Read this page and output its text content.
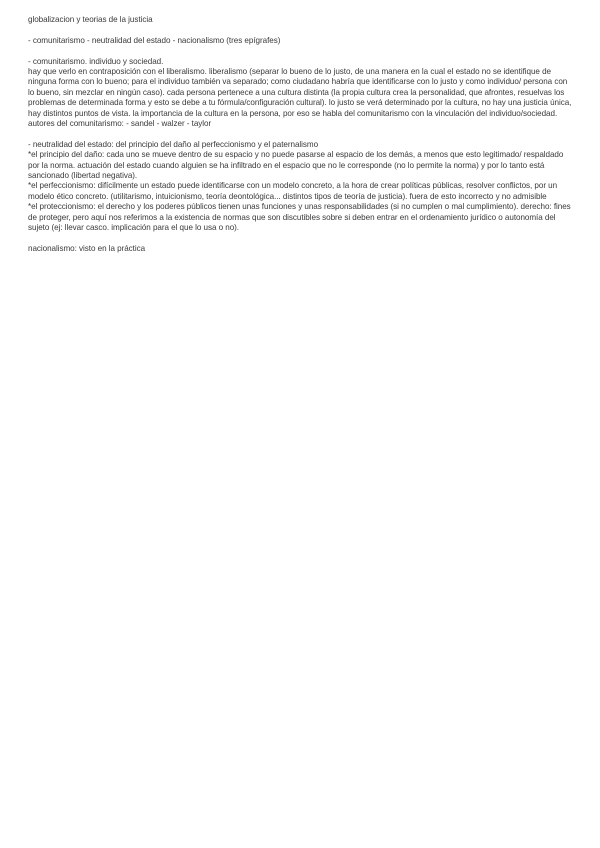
globalizacion y teorias de la justicia
- comunitarismo - neutralidad del estado - nacionalismo (tres epígrafes)
- comunitarismo. individuo y sociedad.
hay que verlo en contraposición con el liberalismo. liberalismo (separar lo bueno de lo justo, de una manera en la cual el estado no se identifique de ninguna forma con lo bueno; para el individuo también va separado; como ciudadano habría que identificarse con lo justo y como individuo/ persona con lo bueno, sin mezclar en ningún caso). cada persona pertenece a una cultura distinta (la propia cultura crea la personalidad, que afrontes, resuelvas los problemas de determinada forma y esto se debe a tu fórmula/configuración cultural). lo justo se verá determinado por la cultura, no hay una justicia única, hay distintos puntos de vista. la importancia de la cultura en la persona, por eso se habla del comunitarismo con la vinculación del individuo/sociedad.
autores del comunitarismo: - sandel - walzer - taylor
- neutralidad del estado: del principio del daño al perfeccionismo y el paternalismo
*el principio del daño: cada uno se mueve dentro de su espacio y no puede pasarse al espacio de los demás, a menos que esto legitimado/ respaldado por la norma. actuación del estado cuando alguien se ha infiltrado en el espacio que no le corresponde (no lo permite la norma) y por lo tanto está sancionado (libertad negativa).
*el perfeccionismo: difícilmente un estado puede identificarse con un modelo concreto, a la hora de crear políticas públicas, resolver conflictos, por un modelo ético concreto. (utilitarismo, intuicionismo, teoría deontológica... distintos tipos de teoría de justicia). fuera de esto incorrecto y no admisible
*el proteccionismo: el derecho y los poderes públicos tienen unas funciones y unas responsabilidades (si no cumplen o mal cumplimiento). derecho: fines de proteger, pero aquí nos referimos a la existencia de normas que son discutibles sobre si deben entrar en el ordenamiento jurídico o autonomía del sujeto (ej: llevar casco. implicación para el que lo usa o no).
nacionalismo: visto en la práctica
